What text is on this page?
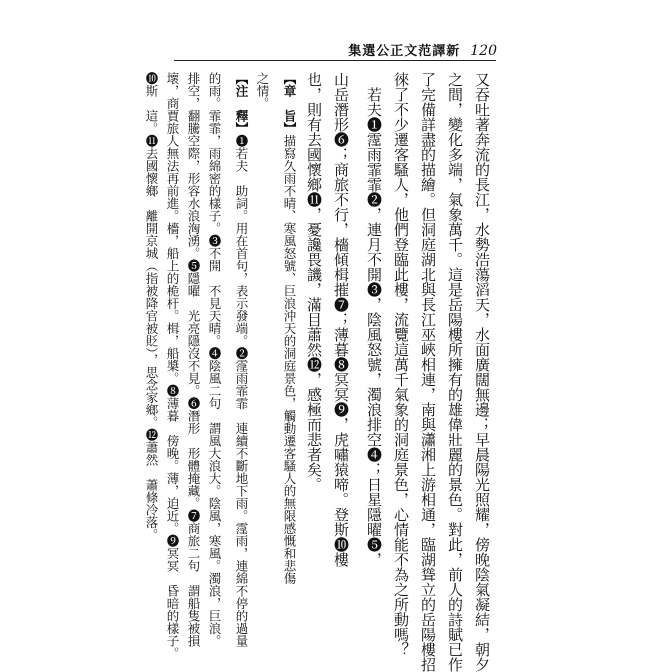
集選公正文范譯新 120
又吞吐著奔流的長江，水勢浩蕩滔天，水面廣闊無邊；早晨陽光照耀，傍晚陰氣凝結，朝夕
之間，變化多端，氣象萬千。這是岳陽樓所擁有的雄偉壯麗的景色。對此，前人的詩賦已作
了完備詳盡的描繪。但洞庭湖北與長江巫峽相連，南與瀟湘上游相通，臨湖聳立的岳陽樓招
徠了不少遷客騷人，他們登臨此樓，流覽這萬千氣象的洞庭景色，心情能不為之所動嗎？
　若夫❶霪雨霏霏❷，連月不開❸，陰風怒號，濁浪排空❹；日星隱曜❺，
山岳潛形❻；商旅不行，檣傾楫摧❼；薄暮❽冥冥❾，虎嘯猿啼。登斯❿樓
也，則有去國懷鄉⓫，憂讒畏譏，滿目蕭然⓬，感極而悲者矣。
【章　旨】描寫久雨不晴、寒風怒號、巨浪沖天的洞庭景色，觸動遷客騷人的無限感慨和悲傷
之情。
【注　釋】❶若夫　助詞。用在首句，表示發端。❷霪雨霏霏　連續不斷地下雨。霪雨，連綿不停的過量
的雨。霏霏，雨綿密的樣子。❸不開　不見天晴。❹陰風二句　謂風大浪大。陰風，寒風。濁浪，巨浪。
排空，翻騰空際，形容水浪洶湧。❺隱曜　光亮隱沒不見。❻潛形　形體掩藏。❼商旅二句　謂船隻被損
壞，商賈旅人無法再前進。檣，船上的桅杆。楫，船槳。❽薄暮　傍晚。薄，迫近。❾冥冥　昏暗的樣子。
❿斯　這。⓫去國懷鄉　離開京城（指被降官被貶），思念家鄉。⓬蕭然　蕭條冷落。
